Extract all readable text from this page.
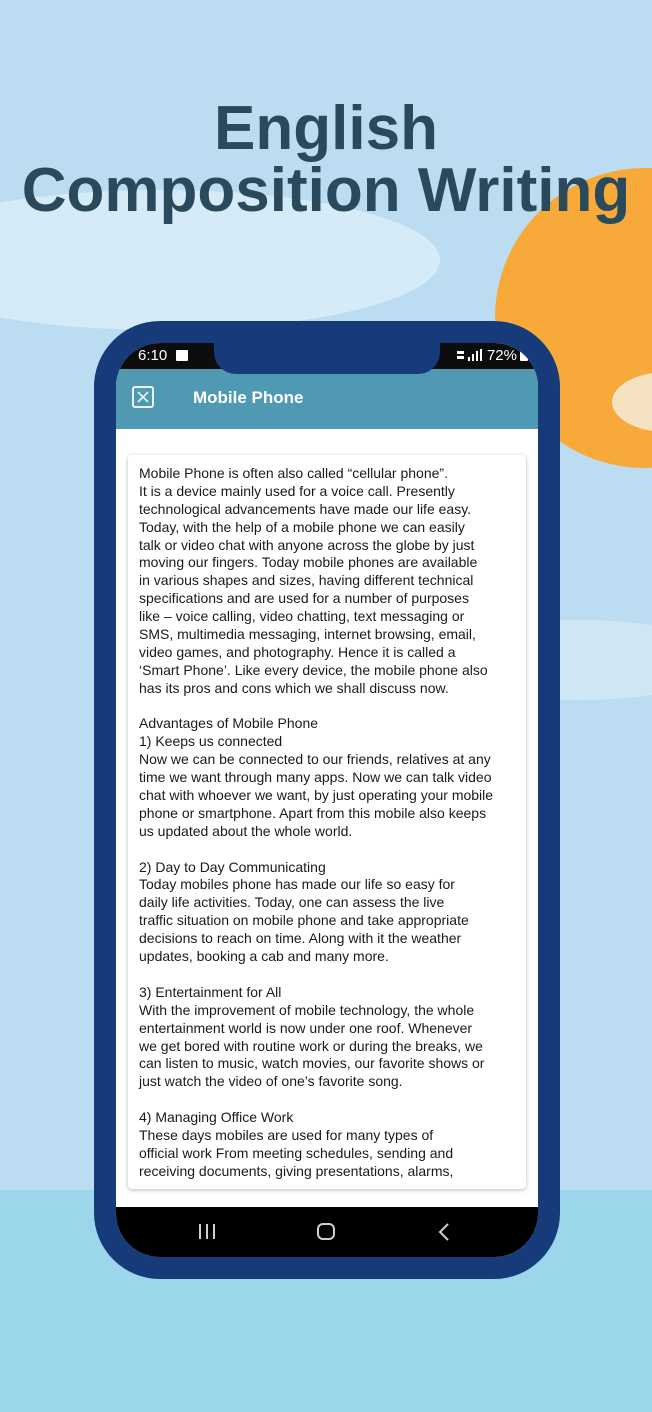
English
Composition Writing
6:10	72%
Mobile Phone
Mobile Phone is often also called “cellular phone”.
It is a device mainly used for a voice call. Presently
technological advancements have made our life easy.
Today, with the help of a mobile phone we can easily
talk or video chat with anyone across the globe by just
moving our fingers. Today mobile phones are available
in various shapes and sizes, having different technical
specifications and are used for a number of purposes
like – voice calling, video chatting, text messaging or
SMS, multimedia messaging, internet browsing, email,
video games, and photography. Hence it is called a
‘Smart Phone’. Like every device, the mobile phone also
has its pros and cons which we shall discuss now.
Advantages of Mobile Phone
1) Keeps us connected
Now we can be connected to our friends, relatives at any
time we want through many apps. Now we can talk video
chat with whoever we want, by just operating your mobile
phone or smartphone. Apart from this mobile also keeps
us updated about the whole world.
2) Day to Day Communicating
Today mobiles phone has made our life so easy for
daily life activities. Today, one can assess the live
traffic situation on mobile phone and take appropriate
decisions to reach on time. Along with it the weather
updates, booking a cab and many more.
3) Entertainment for All
With the improvement of mobile technology, the whole
entertainment world is now under one roof. Whenever
we get bored with routine work or during the breaks, we
can listen to music, watch movies, our favorite shows or
just watch the video of one’s favorite song.
4) Managing Office Work
These days mobiles are used for many types of
official work From meeting schedules, sending and
receiving documents, giving presentations, alarms,
